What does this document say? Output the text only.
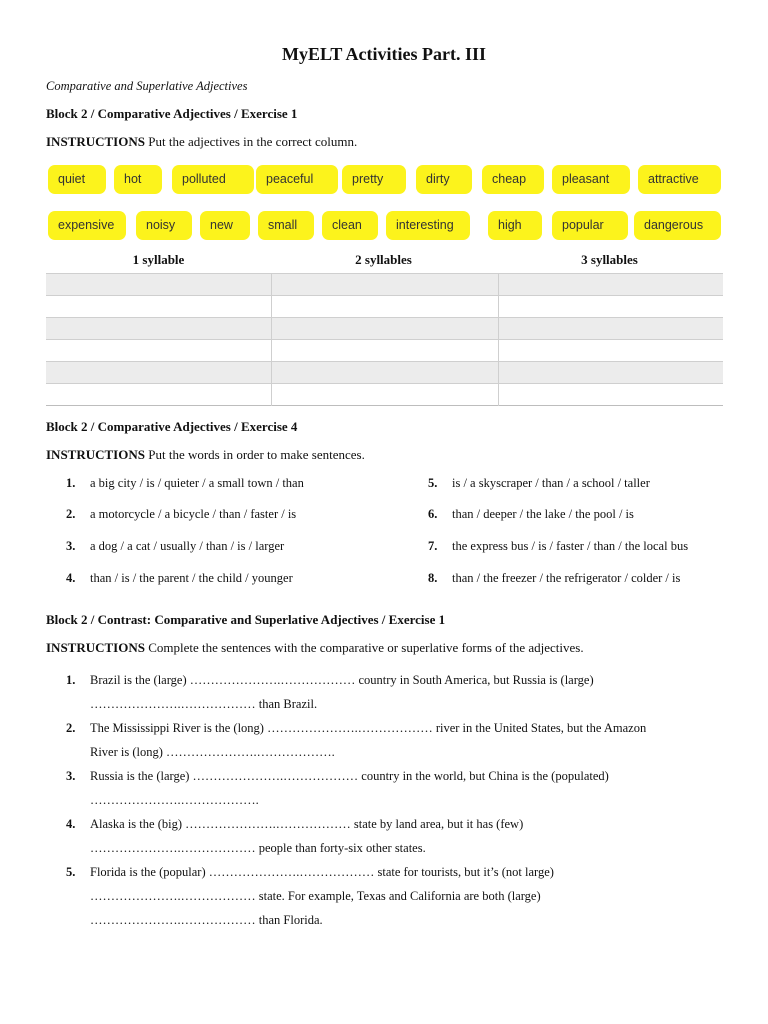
MyELT Activities Part. III
Comparative and Superlative Adjectives
Block 2 / Comparative Adjectives / Exercise 1
INSTRUCTIONS Put the adjectives in the correct column.
quiet	hot	polluted	peaceful	pretty	dirty	cheap	pleasant	attractive
expensive	noisy	new	small	clean	interesting	high	popular	dangerous
1 syllable	2 syllables	3 syllables

Block 2 / Comparative Adjectives / Exercise 4
INSTRUCTIONS Put the words in order to make sentences.
1. a big city / is / quieter / a small town / than
2. a motorcycle / a bicycle / than / faster / is
3. a dog / a cat / usually / than / is / larger
4. than / is / the parent / the child / younger
5. is / a skyscraper / than / a school / taller
6. than / deeper / the lake / the pool / is
7. the express bus / is / faster / than / the local bus
8. than / the freezer / the refrigerator / colder / is
Block 2 / Contrast: Comparative and Superlative Adjectives / Exercise 1
INSTRUCTIONS Complete the sentences with the comparative or superlative forms of the adjectives.
1. Brazil is the (large) ………………….……………… country in South America, but Russia is (large)
………………….……………… than Brazil.
2. The Mississippi River is the (long) ………………….……………… river in the United States, but the Amazon
River is (long) ………………….……………….
3. Russia is the (large) ………………….……………… country in the world, but China is the (populated)
………………….……………….
4. Alaska is the (big) ………………….……………… state by land area, but it has (few)
………………….……………… people than forty-six other states.
5. Florida is the (popular) ………………….……………… state for tourists, but it’s (not large)
………………….……………… state. For example, Texas and California are both (large)
………………….……………… than Florida.
